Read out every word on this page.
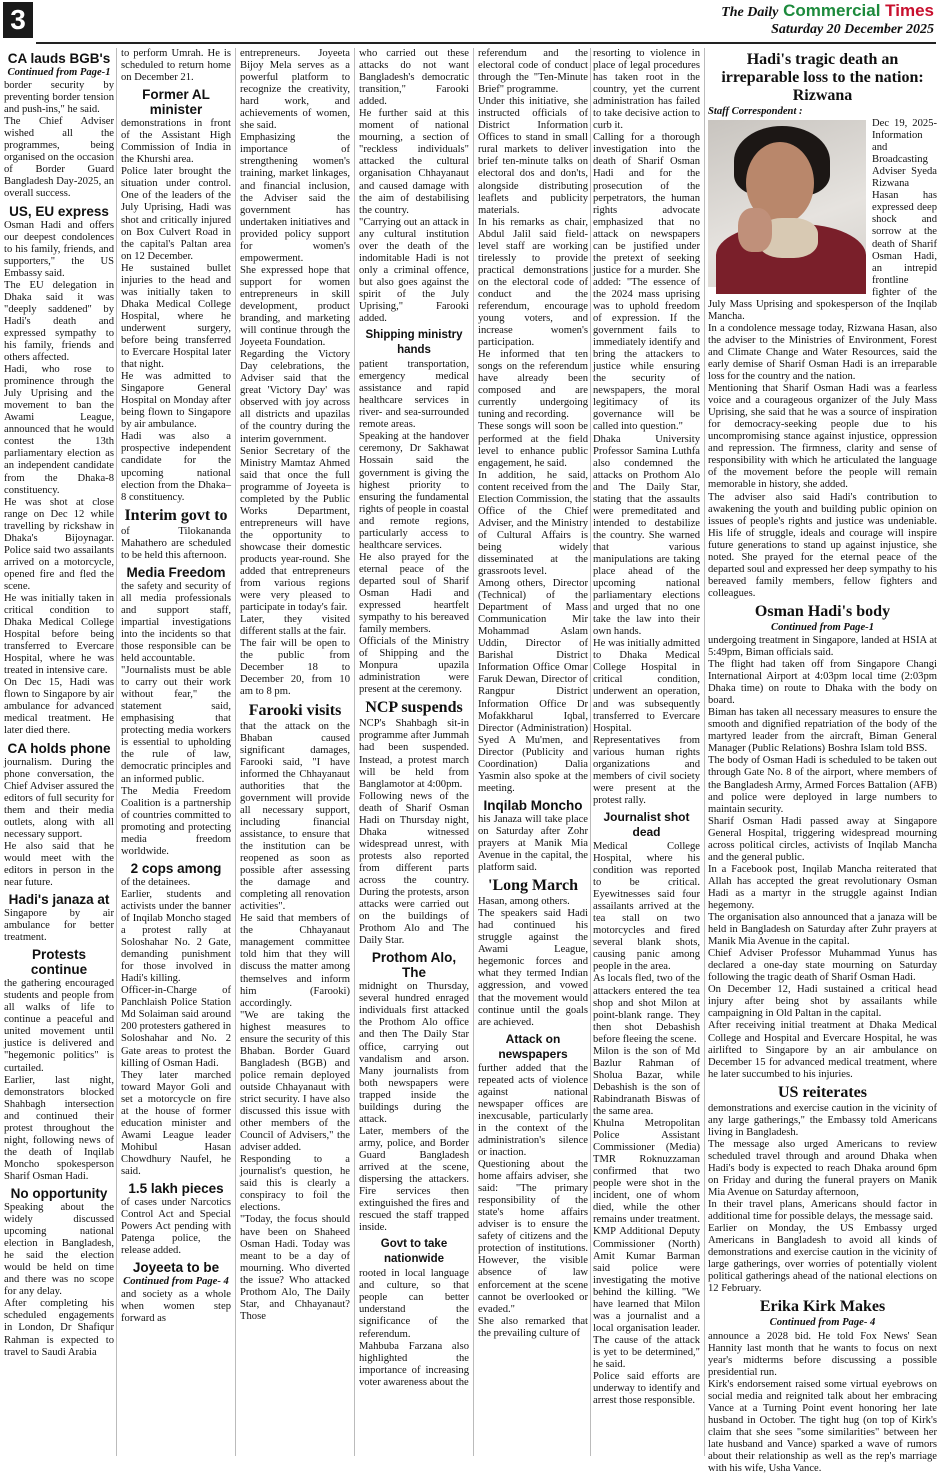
3	The Daily Commercial Times
Saturday 20 December 2025
CA lauds BGB's
Continued from Page-1

border security by preventing border tension and push-ins," he said.

The Chief Adviser wished all the programmes, being organised on the occasion of Border Guard Bangladesh Day-2025, an overall success.

US, EU express

Osman Hadi and offers our deepest condolences to his family, friends, and supporters," the US Embassy said.

The EU delegation in Dhaka said it was "deeply saddened" by Hadi's death and expressed sympathy to his family, friends and others affected.

Hadi, who rose to prominence through the July Uprising and the movement to ban the Awami League, announced that he would contest the 13th parliamentary election as an independent candidate from the Dhaka-8 constituency.

He was shot at close range on Dec 12 while travelling by rickshaw in Dhaka's Bijoynagar. Police said two assailants arrived on a motorcycle, opened fire and fled the scene.

He was initially taken in critical condition to Dhaka Medical College Hospital before being transferred to Evercare Hospital, where he was treated in intensive care.

On Dec 15, Hadi was flown to Singapore by air ambulance for advanced medical treatment. He later died there.

CA holds phone

journalism. During the phone conversation, the Chief Adviser assured the editors of full security for them and their media outlets, along with all necessary support.

He also said that he would meet with the editors in person in the near future.

Hadi's janaza at

Singapore by air ambulance for better treatment.

Protests continue

the gathering encouraged students and people from all walks of life to continue a peaceful and united movement until justice is delivered and "hegemonic politics" is curtailed.

Earlier, last night, demonstrators blocked Shahbagh intersection and continued their protest throughout the night, following news of the death of Inqilab Moncho spokesperson Sharif Osman Hadi.

No opportunity

Speaking about the widely discussed upcoming national election in Bangladesh, he said the election would be held on time and there was no scope for any delay.

After completing his scheduled engagements in London, Dr Shafiqur Rahman is expected to travel to Saudi Arabia

to perform Umrah. He is scheduled to return home on December 21.

Former AL minister

demonstrations in front of the Assistant High Commission of India in the Khurshi area.

Police later brought the situation under control. One of the leaders of the July Uprising, Hadi was shot and critically injured on Box Culvert Road in the capital's Paltan area on 12 December.

He sustained bullet injuries to the head and was initially taken to Dhaka Medical College Hospital, where he underwent surgery, before being transferred to Evercare Hospital later that night.

He was admitted to Singapore General Hospital on Monday after being flown to Singapore by air ambulance.

Hadi was also a prospective independent candidate for the upcoming national election from the Dhaka–8 constituency.

Interim govt to

of Tilokananda Mahathero are scheduled to be held this afternoon.

Media Freedom

the safety and security of all media professionals and support staff, impartial investigations into the incidents so that those responsible can be held accountable.

"Journalists must be able to carry out their work without fear," the statement said, emphasising that protecting media workers is essential to upholding the rule of law, democratic principles and an informed public.

The Media Freedom Coalition is a partnership of countries committed to promoting and protecting media freedom worldwide.

2 cops among

of the detainees.

Earlier, students and activists under the banner of Inqilab Moncho staged a protest rally at Soloshahar No. 2 Gate, demanding punishment for those involved in Hadi's killing.

Officer-in-Charge of Panchlaish Police Station Md Solaiman said around 200 protesters gathered in Soloshahar and No. 2 Gate areas to protest the killing of Osman Hadi.

They later marched toward Mayor Goli and set a motorcycle on fire at the house of former education minister and Awami League leader Mohibul Hasan Chowdhury Naufel, he said.

1.5 lakh pieces

of cases under Narcotics Control Act and Special Powers Act pending with Patenga police, the release added.

Joyeeta to be
Continued from Page- 4

and society as a whole when women step forward as

entrepreneurs. Joyeeta Bijoy Mela serves as a powerful platform to recognize the creativity, hard work, and achievements of women, she said.

Emphasizing the importance of strengthening women's training, market linkages, and financial inclusion, the Adviser said the government has undertaken initiatives and provided policy support for women's empowerment.

She expressed hope that support for women entrepreneurs in skill development, product branding, and marketing will continue through the Joyeeta Foundation.

Regarding the Victory Day celebrations, the Adviser said that the great 'Victory Day' was observed with joy across all districts and upazilas of the country during the interim government.

Senior Secretary of the Ministry Mamtaz Ahmed said that once the full programme of Joyeeta is completed by the Public Works Department, entrepreneurs will have the opportunity to showcase their domestic products year-round. She added that entrepreneurs from various regions were very pleased to participate in today's fair.

Later, they visited different stalls at the fair.

The fair will be open to the public from December 18 to December 20, from 10 am to 8 pm.

Farooki visits

that the attack on the Bhaban caused significant damages, Farooki said, "I have informed the Chhayanaut authorities that the government will provide all necessary support, including financial assistance, to ensure that the institution can be reopened as soon as possible after assessing the damage and completing all renovation activities".

He said that members of the Chhayanaut management committee told him that they will discuss the matter among themselves and inform him (Farooki) accordingly.

"We are taking the highest measures to ensure the security of this Bhaban. Border Guard Bangladesh (BGB) and police remain deployed outside Chhayanaut with strict security. I have also discussed this issue with other members of the Council of Advisers," the adviser added.

Responding to a journalist's question, he said this is clearly a conspiracy to foil the elections.

"Today, the focus should have been on Shaheed Osman Hadi. Today was meant to be a day of mourning. Who diverted the issue? Who attacked Prothom Alo, The Daily Star, and Chhayanaut? Those

who carried out these attacks do not want Bangladesh's democratic transition," Farooki added.

He further said at this moment of national mourning, a section of "reckless individuals" attacked the cultural organisation Chhayanaut and caused damage with the aim of destabilising the country.

"Carrying out an attack in any cultural institution over the death of the indomitable Hadi is not only a criminal offence, but also goes against the spirit of the July Uprising," Farooki added.

Shipping ministry hands

patient transportation, emergency medical assistance and rapid healthcare services in river- and sea-surrounded remote areas.

Speaking at the handover ceremony, Dr Sakhawat Hossain said the government is giving the highest priority to ensuring the fundamental rights of people in coastal and remote regions, particularly access to healthcare services.

He also prayed for the eternal peace of the departed soul of Sharif Osman Hadi and expressed heartfelt sympathy to his bereaved family members.

Officials of the Ministry of Shipping and the Monpura upazila administration were present at the ceremony.

NCP suspends

NCP's Shahbagh sit-in programme after Jummah had been suspended. Instead, a protest march will be held from Banglamotor at 4:00pm.

Following news of the death of Sharif Osman Hadi on Thursday night, Dhaka witnessed widespread unrest, with protests also reported from different parts across the country. During the protests, arson attacks were carried out on the buildings of Prothom Alo and The Daily Star.

Prothom Alo, The

midnight on Thursday, several hundred enraged individuals first attacked the Prothom Alo office and then The Daily Star office, carrying out vandalism and arson. Many journalists from both newspapers were trapped inside the buildings during the attack.

Later, members of the army, police, and Border Guard Bangladesh arrived at the scene, dispersing the attackers. Fire services then extinguished the fires and rescued the staff trapped inside.

Govt to take nationwide

rooted in local language and culture, so that people can better understand the significance of the referendum.

Mahbuba Farzana also highlighted the importance of increasing voter awareness about the

referendum and the electoral code of conduct through the "Ten-Minute Brief" programme.

Under this initiative, she instructed officials of District Information Offices to stand in small rural markets to deliver brief ten-minute talks on electoral dos and don'ts, alongside distributing leaflets and publicity materials.

In his remarks as chair, Abdul Jalil said field-level staff are working tirelessly to provide practical demonstrations on the electoral code of conduct and the referendum, encourage young voters, and increase women's participation.

He informed that ten songs on the referendum have already been composed and are currently undergoing tuning and recording.

These songs will soon be performed at the field level to enhance public engagement, he said.

In addition, he said, content received from the Election Commission, the Office of the Chief Adviser, and the Ministry of Cultural Affairs is being widely disseminated at the grassroots level.

Among others, Director (Technical) of the Department of Mass Communication Mir Mohammad Aslam Uddin, Director of Barishal District Information Office Omar Faruk Dewan, Director of Rangpur District Information Office Dr Mofakkharul Iqbal, Director (Administration) Syed A Mu'men, and Director (Publicity and Coordination) Dalia Yasmin also spoke at the meeting.

Inqilab Moncho

his Janaza will take place on Saturday after Zohr prayers at Manik Mia Avenue in the capital, the platform said.

'Long March

Hasan, among others.

The speakers said Hadi had continued his struggle against the Awami League, hegemonic forces and what they termed Indian aggression, and vowed that the movement would continue until the goals are achieved.

Attack on newspapers

further added that the repeated acts of violence against national newspaper offices are inexcusable, particularly in the context of the administration's silence or inaction.

Questioning about the home affairs adviser, she said: "The primary responsibility of the state's home affairs adviser is to ensure the safety of citizens and the protection of institutions. However, the visible absence of law enforcement at the scene cannot be overlooked or evaded."

She also remarked that the prevailing culture of

resorting to violence in place of legal procedures has taken root in the country, yet the current administration has failed to take decisive action to curb it.

Calling for a thorough investigation into the death of Sharif Osman Hadi and for the prosecution of the perpetrators, the human rights advocate emphasized that no attack on newspapers can be justified under the pretext of seeking justice for a murder. She added: "The essence of the 2024 mass uprising was to uphold freedom of expression. If the government fails to immediately identify and bring the attackers to justice while ensuring the security of newspapers, the moral legitimacy of its governance will be called into question."

Dhaka University Professor Samina Luthfa also condemned the attacks on Prothom Alo and The Daily Star, stating that the assaults were premeditated and intended to destabilize the country. She warned that various manipulations are taking place ahead of the upcoming national parliamentary elections and urged that no one take the law into their own hands.

He was initially admitted to Dhaka Medical College Hospital in critical condition, underwent an operation, and was subsequently transferred to Evercare Hospital.

Representatives from various human rights organizations and members of civil society were present at the protest rally.

Journalist shot dead

Medical College Hospital, where his condition was reported to be critical. Eyewitnesses said four assailants arrived at the tea stall on two motorcycles and fired several blank shots, causing panic among people in the area.

As locals fled, two of the attackers entered the tea shop and shot Milon at point-blank range. They then shot Debashish before fleeing the scene.

Milon is the son of Md Bazlur Rahman of Sholua Bazar, while Debashish is the son of Rabindranath Biswas of the same area.

Khulna Metropolitan Police Assistant Commissioner (Media) TMR Roknuzzaman confirmed that two people were shot in the incident, one of whom died, while the other remains under treatment. KMP Additional Deputy Commissioner (North) Amit Kumar Barman said police were investigating the motive behind the killing. "We have learned that Milon was a journalist and a local organisation leader. The cause of the attack is yet to be determined," he said.

Police said efforts are underway to identify and arrest those responsible.

Hadi's tragic death an irreparable loss to the nation: Rizwana

Staff Correspondent :

Dec 19, 2025- Information and Broadcasting Adviser Syeda Rizwana Hasan has expressed deep shock and sorrow at the death of Sharif Osman Hadi, an intrepid frontline fighter of the July Mass Uprising and spokesperson of the Inqilab Mancha.

In a condolence message today, Rizwana Hasan, also the adviser to the Ministries of Environment, Forest and Climate Change and Water Resources, said the early demise of Sharif Osman Hadi is an irreparable loss for the country and the nation.

Mentioning that Sharif Osman Hadi was a fearless voice and a courageous organizer of the July Mass Uprising, she said that he was a source of inspiration for democracy-seeking people due to his uncompromising stance against injustice, oppression and repression. The firmness, clarity and sense of responsibility with which he articulated the language of the movement before the people will remain memorable in history, she added.

The adviser also said Hadi's contribution to awakening the youth and building public opinion on issues of people's rights and justice was undeniable. His life of struggle, ideals and courage will inspire future generations to stand up against injustice, she noted. She prayed for the eternal peace of the departed soul and expressed her deep sympathy to his bereaved family members, fellow fighters and colleagues.

Osman Hadi's body
Continued from Page-1

undergoing treatment in Singapore, landed at HSIA at 5:49pm, Biman officials said.

The flight had taken off from Singapore Changi International Airport at 4:03pm local time (2:03pm Dhaka time) on route to Dhaka with the body on board.

Biman has taken all necessary measures to ensure the smooth and dignified repatriation of the body of the martyred leader from the aircraft, Biman General Manager (Public Relations) Boshra Islam told BSS.

The body of Osman Hadi is scheduled to be taken out through Gate No. 8 of the airport, where members of the Bangladesh Army, Armed Forces Battalion (AFB) and police were deployed in large numbers to maintain security.

Sharif Osman Hadi passed away at Singapore General Hospital, triggering widespread mourning across political circles, activists of Inqilab Mancha and the general public.

In a Facebook post, Inqilab Mancha reiterated that Allah has accepted the great revolutionary Osman Hadi as a martyr in the struggle against Indian hegemony.

The organisation also announced that a janaza will be held in Bangladesh on Saturday after Zuhr prayers at Manik Mia Avenue in the capital.

Chief Adviser Professor Muhammad Yunus has declared a one-day state mourning on Saturday following the tragic death of Sharif Osman Hadi.

On December 12, Hadi sustained a critical head injury after being shot by assailants while campaigning in Old Paltan in the capital.

After receiving initial treatment at Dhaka Medical College and Hospital and Evercare Hospital, he was airlifted to Singapore by an air ambulance on December 15 for advanced medical treatment, where he later succumbed to his injuries.

US reiterates

demonstrations and exercise caution in the vicinity of any large gatherings," the Embassy told Americans living in Bangladesh.

The message also urged Americans to review scheduled travel through and around Dhaka when Hadi's body is expected to reach Dhaka around 6pm on Friday and during the funeral prayers on Manik Mia Avenue on Saturday afternoon,

In their travel plans, Americans should factor in additional time for possible delays, the message said.

Earlier on Monday, the US Embassy urged Americans in Bangladesh to avoid all kinds of demonstrations and exercise caution in the vicinity of large gatherings, over worries of potentially violent political gatherings ahead of the national elections on 12 February.

Erika Kirk Makes
Continued from Page- 4

announce a 2028 bid. He told Fox News' Sean Hannity last month that he wants to focus on next year's midterms before discussing a possible presidential run.

Kirk's endorsement raised some virtual eyebrows on social media and reignited talk about her embracing Vance at a Turning Point event honoring her late husband in October. The tight hug (on top of Kirk's claim that she sees "some similarities" between her late husband and Vance) sparked a wave of rumors about their relationship as well as the rep's marriage with his wife, Usha Vance.
